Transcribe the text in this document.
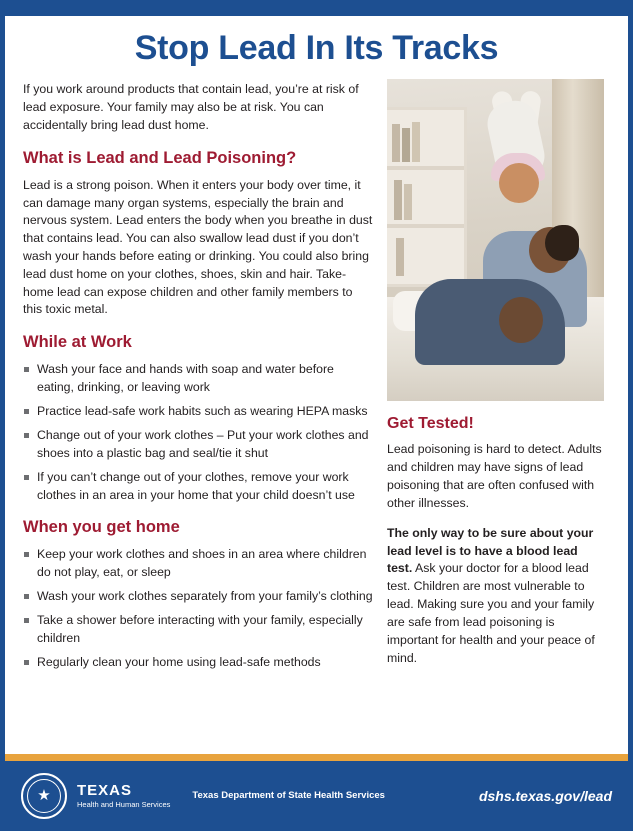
Stop Lead In Its Tracks

If you work around products that contain lead, you’re at risk of lead exposure. Your family may also be at risk. You can accidentally bring lead dust home.

What is Lead and Lead Poisoning?

Lead is a strong poison. When it enters your body over time, it can damage many organ systems, especially the brain and nervous system. Lead enters the body when you breathe in dust that contains lead. You can also swallow lead dust if you don’t wash your hands before eating or drinking. You could also bring lead dust home on your clothes, shoes, skin and hair. Take-home lead can expose children and other family members to this toxic metal.

While at Work
Wash your face and hands with soap and water before eating, drinking, or leaving work
Practice lead-safe work habits such as wearing HEPA masks
Change out of your work clothes – Put your work clothes and shoes into a plastic bag and seal/tie it shut
If you can’t change out of your clothes, remove your work clothes in an area in your home that your child doesn’t use
When you get home
Keep your work clothes and shoes in an area where children do not play, eat, or sleep
Wash your work clothes separately from your family’s clothing
Take a shower before interacting with your family, especially children
Regularly clean your home using lead-safe methods
Get Tested!

Lead poisoning is hard to detect. Adults and children may have signs of lead poisoning that are often confused with other illnesses.

The only way to be sure about your lead level is to have a blood lead test. Ask your doctor for a blood lead test. Children are most vulnerable to lead. Making sure you and your family are safe from lead poisoning is important for health and your peace of mind.

★ TEXAS
Health and Human Services
Texas Department of State Health Services	dshs.texas.gov/lead
